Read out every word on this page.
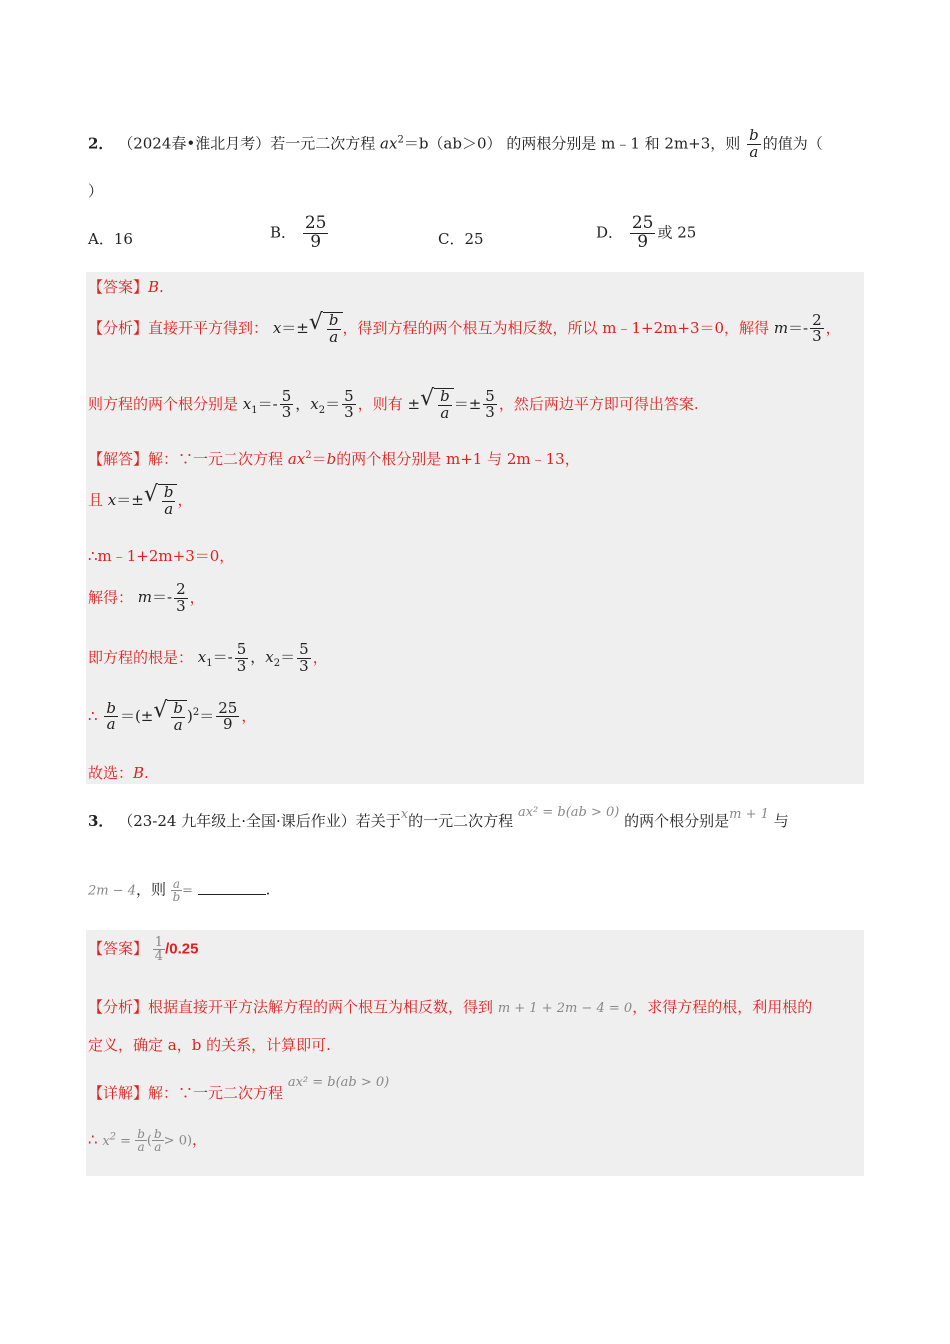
2． （2024春•淮北月考）若一元二次方程 $ax^2=b(ab>0)$ 的两根分别是 m﹣1 和 2m+3，则 $\frac{b}{a}$ 的值为（
）
A．16	B． $\frac{25}{9}$	C．25	D． $\frac{25}{9}$ 或 25
【答案】B.
【分析】直接开平方得到： x＝± √ $\frac{b}{a}$ ，得到方程的两个根互为相反数，所以 m﹣1+2m+3＝0，解得 $m=- \frac{2}{3}$ ，
则方程的两个根分别是 $x_1=- \frac{5}{3}$ ，$x_2= \frac{5}{3}$ ，则有 ± √ $\frac{b}{a} =\pm \frac{5}{3}$ ，然后两边平方即可得出答案.
【解答】解：∵一元二次方程 $ax^2=b$的两个根分别是 m+1 与 2m﹣13，
且 x＝± √ $\frac{b}{a}$ ，
∴m﹣1+2m+3＝0，
解得： $m=- \frac{2}{3}$ ，
即方程的根是： $x_1=- \frac{5}{3}$ ，$x_2= \frac{5}{3}$ ，
∴ $\frac{b}{a}$ ＝(± √ $\frac{b}{a} )^2= \frac{25}{9}$ ，
故选：B.
3． （23-24 九年级上·全国·课后作业）若关于x的一元二次方程 ax² = b(ab > 0) 的两个根分别是m + 1 与
2m − 4，则 $\frac{a}{b}$ =	.
【答案】 $\frac{1}{4} /0.25$
【分析】根据直接开平方法解方程的两个根互为相反数，得到 m + 1 + 2m − 4 = 0，求得方程的根，利用根的
定义，确定 a，b 的关系，计算即可.
【详解】解：∵一元二次方程 ax² = b(ab > 0)
∴ $x^2 = \frac{b}{a}$ ( $\frac{b}{a} > 0$)，
